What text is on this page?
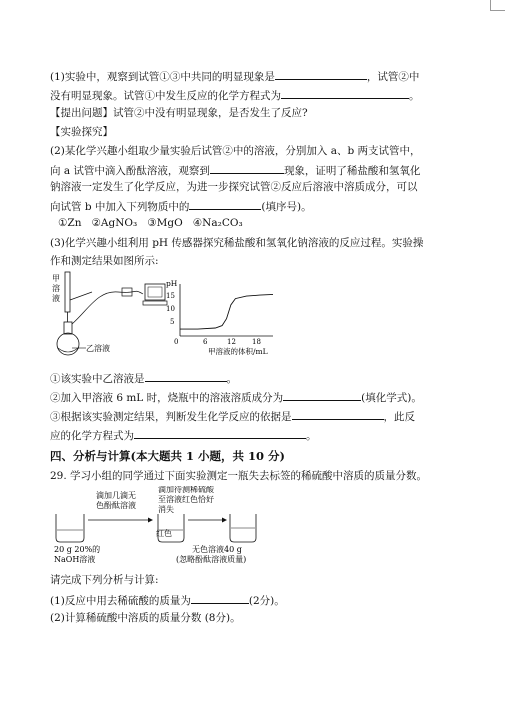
(1)实验中，观察到试管①③中共同的明显现象是	，试管②中
没有明显现象。试管①中发生反应的化学方程式为	。
【提出问题】试管②中没有明显现象，是否发生了反应?
【实验探究】
(2)某化学兴趣小组取少量实验后试管②中的溶液，分别加入 a、b 两支试管中，
向 a 试管中滴入酚酞溶液，观察到	现象，证明了稀盐酸和氢氧化
钠溶液一定发生了化学反应，为进一步探究试管②反应后溶液中溶质成分，可以
向试管 b 中加入下列物质中的	(填序号)。
①Zn ②AgNO₃ ③MgO ④Na₂CO₃
(3)化学兴趣小组利用 pH 传感器探究稀盐酸和氢氧化钠溶液的反应过程。实验操
作和测定结果如图所示:
甲
溶
液
乙溶液
pH
15
10
5
0	6	12 18
甲溶液的体积/mL
①该实验中乙溶液是	。
②加入甲溶液 6 mL 时，烧瓶中的溶液溶质成分为	(填化学式)。
③根据该实验测定结果，判断发生化学反应的依据是	，此反
应的化学方程式为	。
四、分析与计算(本大题共 1 小题，共 10 分)
29. 学习小组的同学通过下面实验测定一瓶失去标签的稀硫酸中溶质的质量分数。
20 g 20%的
NaOH溶液
滴加几滴无
色酚酞溶液
红色
滴加待测稀硫酸
至溶液红色恰好
消失
无色溶液40 g
(忽略酚酞溶液质量)
请完成下列分析与计算:
(1)反应中用去稀硫酸的质量为	(2分)。
(2)计算稀硫酸中溶质的质量分数 (8分)。
